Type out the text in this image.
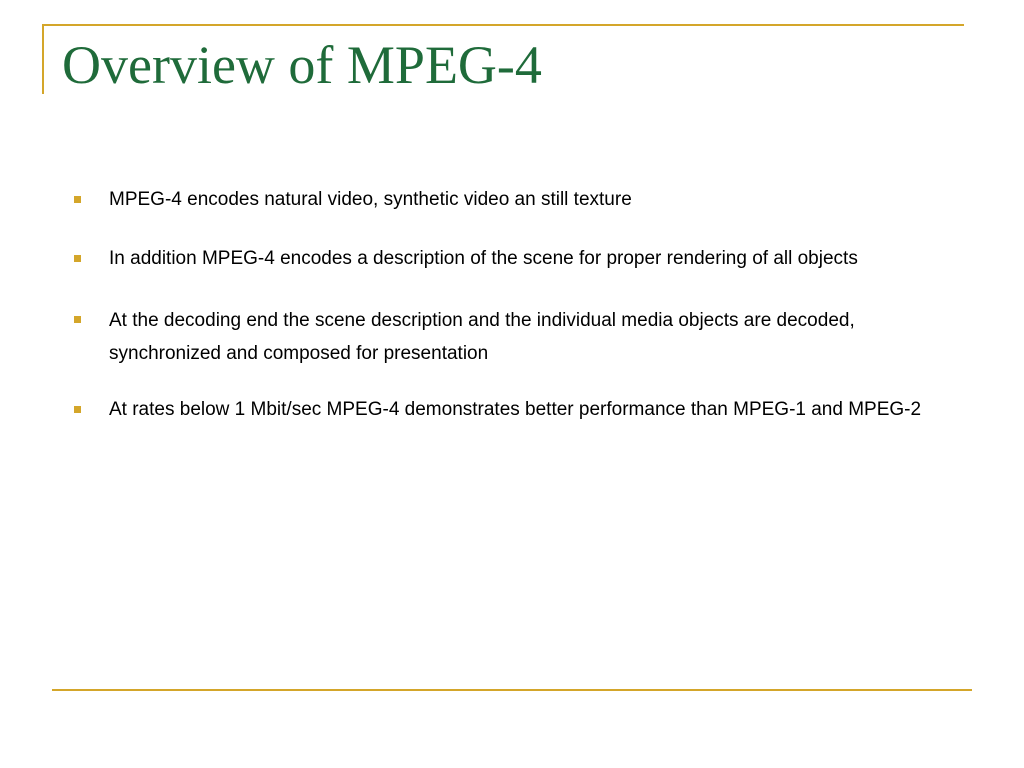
Overview of MPEG-4
MPEG-4 encodes natural video, synthetic video an still texture
In addition MPEG-4 encodes a description of the scene for proper rendering of all objects
At the decoding end the scene description and the individual media objects are decoded, synchronized and composed for presentation
At rates below 1 Mbit/sec MPEG-4 demonstrates better performance than MPEG-1 and MPEG-2
